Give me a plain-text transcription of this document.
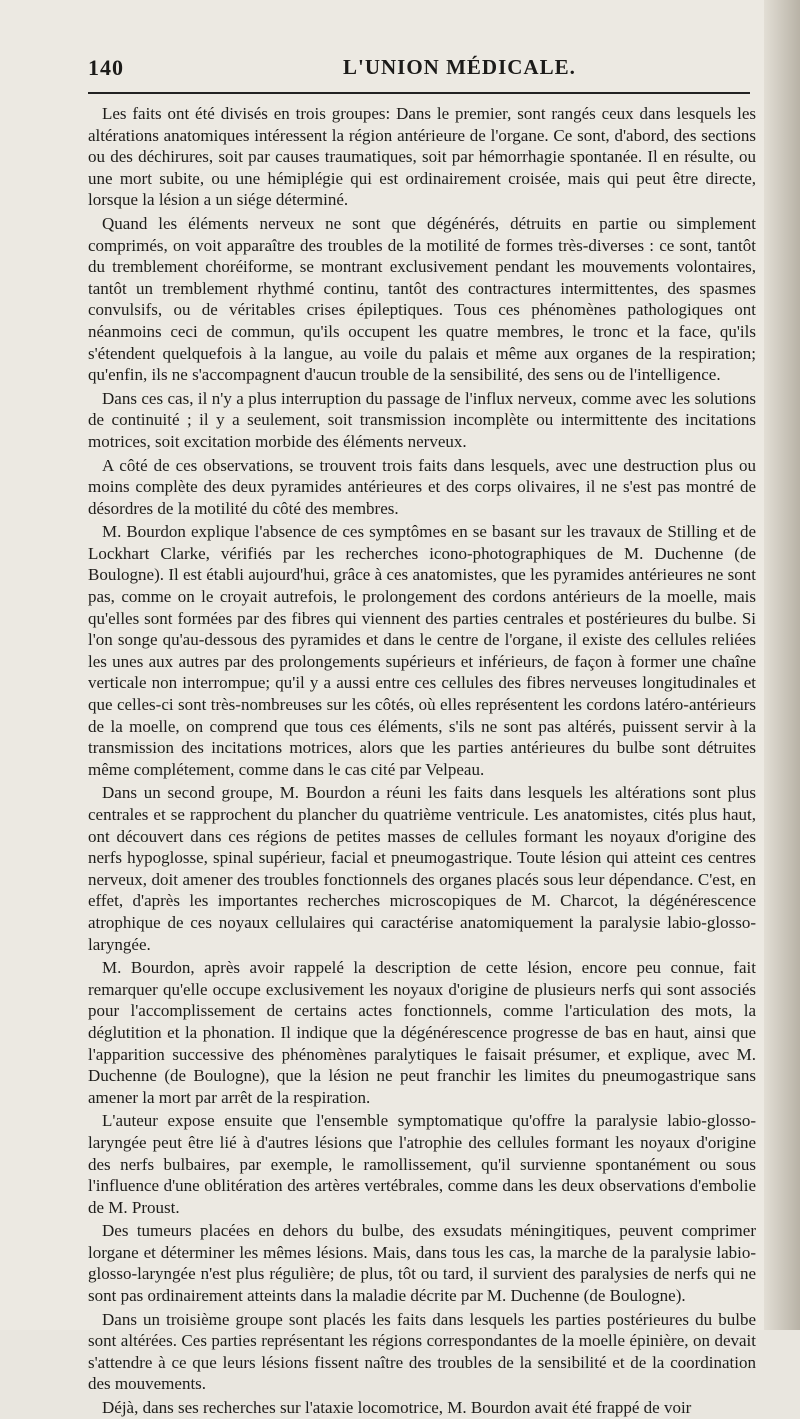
140	L'UNION MÉDICALE.

Les faits ont été divisés en trois groupes: Dans le premier, sont rangés ceux dans lesquels les altérations anatomiques intéressent la région antérieure de l'organe. Ce sont, d'abord, des sections ou des déchirures, soit par causes traumatiques, soit par hémorrhagie spontanée. Il en résulte, ou une mort subite, ou une hémiplégie qui est ordinairement croisée, mais qui peut être directe, lorsque la lésion a un siége déterminé.

Quand les éléments nerveux ne sont que dégénérés, détruits en partie ou simplement comprimés, on voit apparaître des troubles de la motilité de formes très-diverses : ce sont, tantôt du tremblement choréiforme, se montrant exclusivement pendant les mouvements volontaires, tantôt un tremblement rhythmé continu, tantôt des contractures intermittentes, des spasmes convulsifs, ou de véritables crises épileptiques. Tous ces phénomènes pathologiques ont néanmoins ceci de commun, qu'ils occupent les quatre membres, le tronc et la face, qu'ils s'étendent quelquefois à la langue, au voile du palais et même aux organes de la respiration; qu'enfin, ils ne s'accompagnent d'aucun trouble de la sensibilité, des sens ou de l'intelligence.

Dans ces cas, il n'y a plus interruption du passage de l'influx nerveux, comme avec les solutions de continuité ; il y a seulement, soit transmission incomplète ou intermittente des incitations motrices, soit excitation morbide des éléments nerveux.

A côté de ces observations, se trouvent trois faits dans lesquels, avec une destruction plus ou moins complète des deux pyramides antérieures et des corps olivaires, il ne s'est pas montré de désordres de la motilité du côté des membres.

M. Bourdon explique l'absence de ces symptômes en se basant sur les travaux de Stilling et de Lockhart Clarke, vérifiés par les recherches icono-photographiques de M. Duchenne (de Boulogne). Il est établi aujourd'hui, grâce à ces anatomistes, que les pyramides antérieures ne sont pas, comme on le croyait autrefois, le prolongement des cordons antérieurs de la moelle, mais qu'elles sont formées par des fibres qui viennent des parties centrales et postérieures du bulbe. Si l'on songe qu'au-dessous des pyramides et dans le centre de l'organe, il existe des cellules reliées les unes aux autres par des prolongements supérieurs et inférieurs, de façon à former une chaîne verticale non interrompue; qu'il y a aussi entre ces cellules des fibres nerveuses longitudinales et que celles-ci sont très-nombreuses sur les côtés, où elles représentent les cordons latéro-antérieurs de la moelle, on comprend que tous ces éléments, s'ils ne sont pas altérés, puissent servir à la transmission des incitations motrices, alors que les parties antérieures du bulbe sont détruites même complétement, comme dans le cas cité par Velpeau.

Dans un second groupe, M. Bourdon a réuni les faits dans lesquels les altérations sont plus centrales et se rapprochent du plancher du quatrième ventricule. Les anatomistes, cités plus haut, ont découvert dans ces régions de petites masses de cellules formant les noyaux d'origine des nerfs hypoglosse, spinal supérieur, facial et pneumogastrique. Toute lésion qui atteint ces centres nerveux, doit amener des troubles fonctionnels des organes placés sous leur dépendance. C'est, en effet, d'après les importantes recherches microscopiques de M. Charcot, la dégénérescence atrophique de ces noyaux cellulaires qui caractérise anatomiquement la paralysie labio-glosso-laryngée.

M. Bourdon, après avoir rappelé la description de cette lésion, encore peu connue, fait remarquer qu'elle occupe exclusivement les noyaux d'origine de plusieurs nerfs qui sont associés pour l'accomplissement de certains actes fonctionnels, comme l'articulation des mots, la déglutition et la phonation. Il indique que la dégénérescence progresse de bas en haut, ainsi que l'apparition successive des phénomènes paralytiques le faisait présumer, et explique, avec M. Duchenne (de Boulogne), que la lésion ne peut franchir les limites du pneumogastrique sans amener la mort par arrêt de la respiration.

L'auteur expose ensuite que l'ensemble symptomatique qu'offre la paralysie labio-glosso-laryngée peut être lié à d'autres lésions que l'atrophie des cellules formant les noyaux d'origine des nerfs bulbaires, par exemple, le ramollissement, qu'il survienne spontanément ou sous l'influence d'une oblitération des artères vertébrales, comme dans les deux observations d'embolie de M. Proust.

Des tumeurs placées en dehors du bulbe, des exsudats méningitiques, peuvent comprimer lorgane et déterminer les mêmes lésions. Mais, dans tous les cas, la marche de la paralysie labio-glosso-laryngée n'est plus régulière; de plus, tôt ou tard, il survient des paralysies de nerfs qui ne sont pas ordinairement atteints dans la maladie décrite par M. Duchenne (de Boulogne).

Dans un troisième groupe sont placés les faits dans lesquels les parties postérieures du bulbe sont altérées. Ces parties représentant les régions correspondantes de la moelle épinière, on devait s'attendre à ce que leurs lésions fissent naître des troubles de la sensibilité et de la coordination des mouvements.

Déjà, dans ses recherches sur l'ataxie locomotrice, M. Bourdon avait été frappé de voir
